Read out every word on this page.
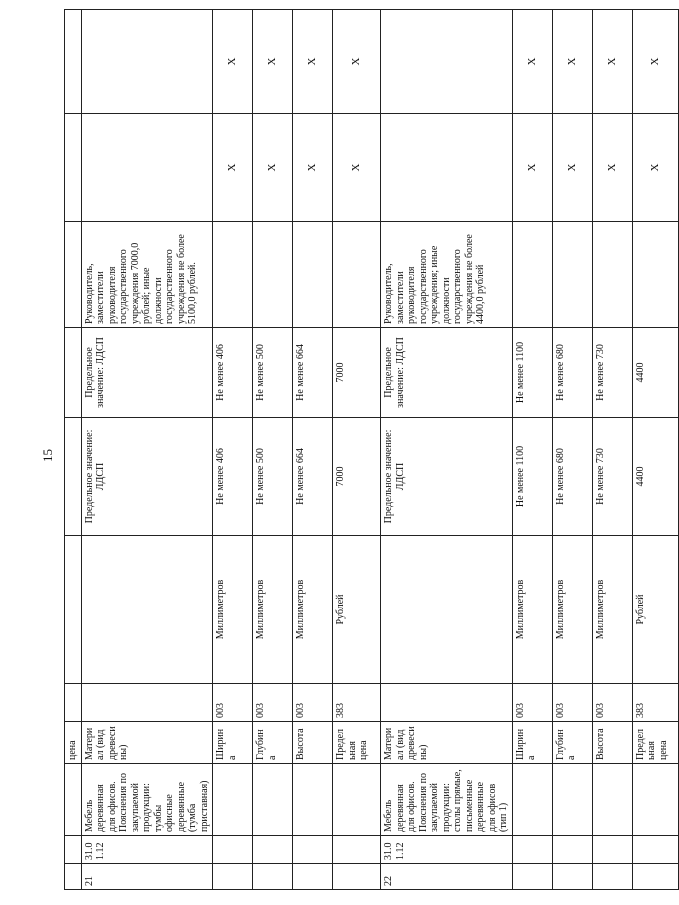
15
			цена							
21	31.01.12	Мебель деревянная для офисов. Пояснения по закупаемой продукции: тумбы офисные деревянные (тумба приставная)	Материал (вид древесины)			Предельное значение: ЛДСП	Предельное значение: ЛДСП	Руководитель, заместители руководителя государственного учреждения 7000,0 рублей; иные должности государственного учреждения не более 5100,0 рублей.		
			Ширина	003	Миллиметров	Не менее 406	Не менее 406		X	X
			Глубина	003	Миллиметров	Не менее 500	Не менее 500		X	X
			Высота	003	Миллиметров	Не менее 664	Не менее 664		X	X
			Предельная цена	383	Рублей	7000	7000		X	X
22	31.01.12	Мебель деревянная для офисов. Пояснения по закупаемой продукции: столы прямые, письменные деревянные для офисов (тип 1)	Материал (вид древесины)			Предельное значение: ЛДСП	Предельное значение: ЛДСП	Руководитель, заместители руководителя государственного учреждения; иные должности государственного учреждения не более 4400,0 рублей		
			Ширина	003	Миллиметров	Не менее 1100	Не менее 1100		X	X
			Глубина	003	Миллиметров	Не менее 680	Не менее 680		X	X
			Высота	003	Миллиметров	Не менее 730	Не менее 730		X	X
			Предельная цена	383	Рублей	4400	4400		X	X
